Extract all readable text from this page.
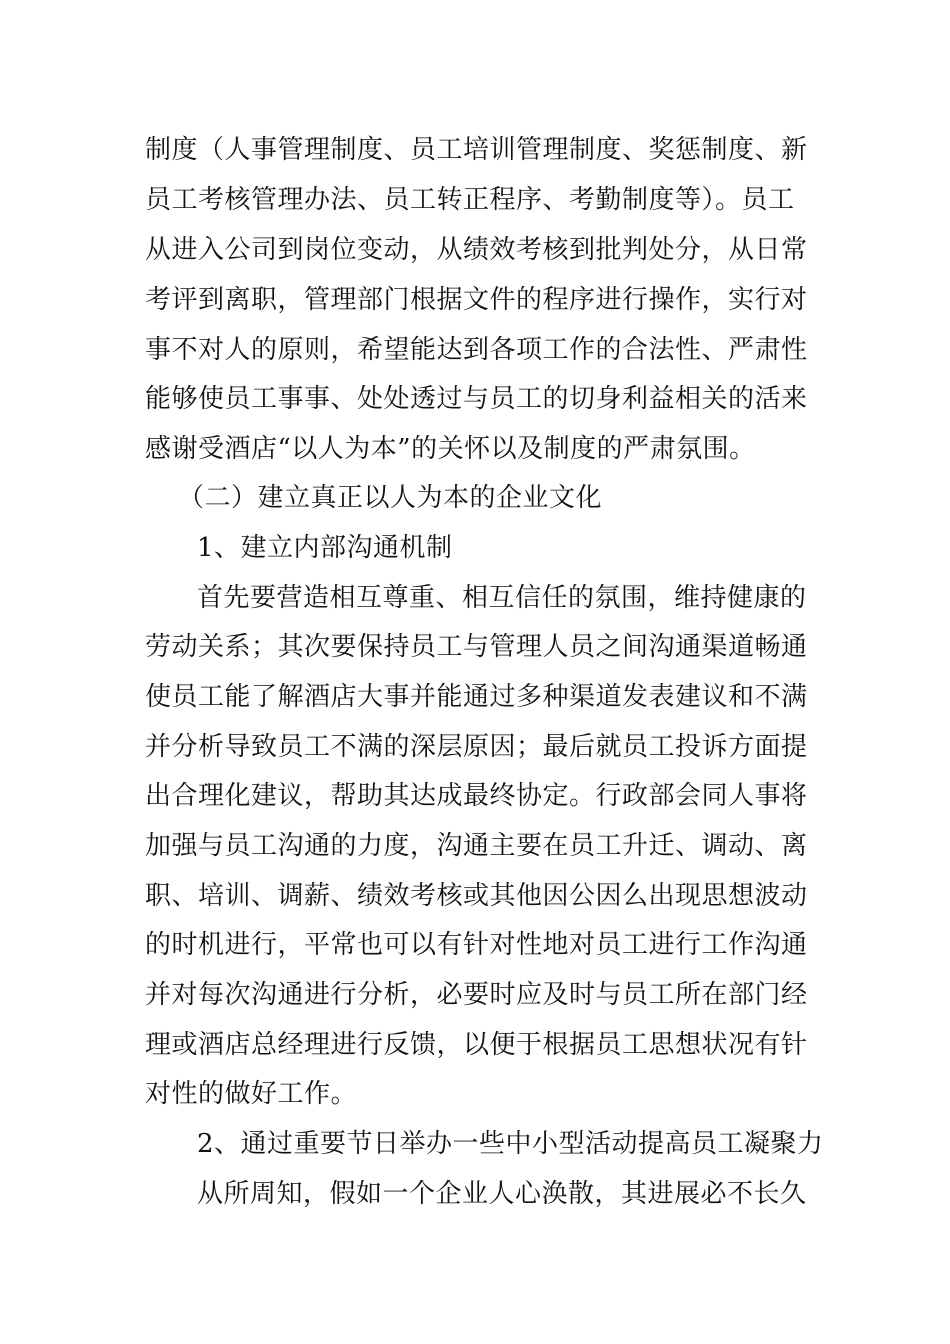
制度（人事管理制度、员工培训管理制度、奖惩制度、新
员工考核管理办法、员工转正程序、考勤制度等）。员工
从进入公司到岗位变动，从绩效考核到批判处分，从日常
考评到离职，管理部门根据文件的程序进行操作，实行对
事不对人的原则，希望能达到各项工作的合法性、严肃性
能够使员工事事、处处透过与员工的切身利益相关的活来
感谢受酒店“以人为本”的关怀以及制度的严肃氛围。
（二）建立真正以人为本的企业文化
1、建立内部沟通机制
首先要营造相互尊重、相互信任的氛围，维持健康的
劳动关系；其次要保持员工与管理人员之间沟通渠道畅通
使员工能了解酒店大事并能通过多种渠道发表建议和不满
并分析导致员工不满的深层原因；最后就员工投诉方面提
出合理化建议，帮助其达成最终协定。行政部会同人事将
加强与员工沟通的力度，沟通主要在员工升迁、调动、离
职、培训、调薪、绩效考核或其他因公因么出现思想波动
的时机进行，平常也可以有针对性地对员工进行工作沟通
并对每次沟通进行分析，必要时应及时与员工所在部门经
理或酒店总经理进行反馈，以便于根据员工思想状况有针
对性的做好工作。
2、通过重要节日举办一些中小型活动提高员工凝聚力
从所周知，假如一个企业人心涣散，其进展必不长久
